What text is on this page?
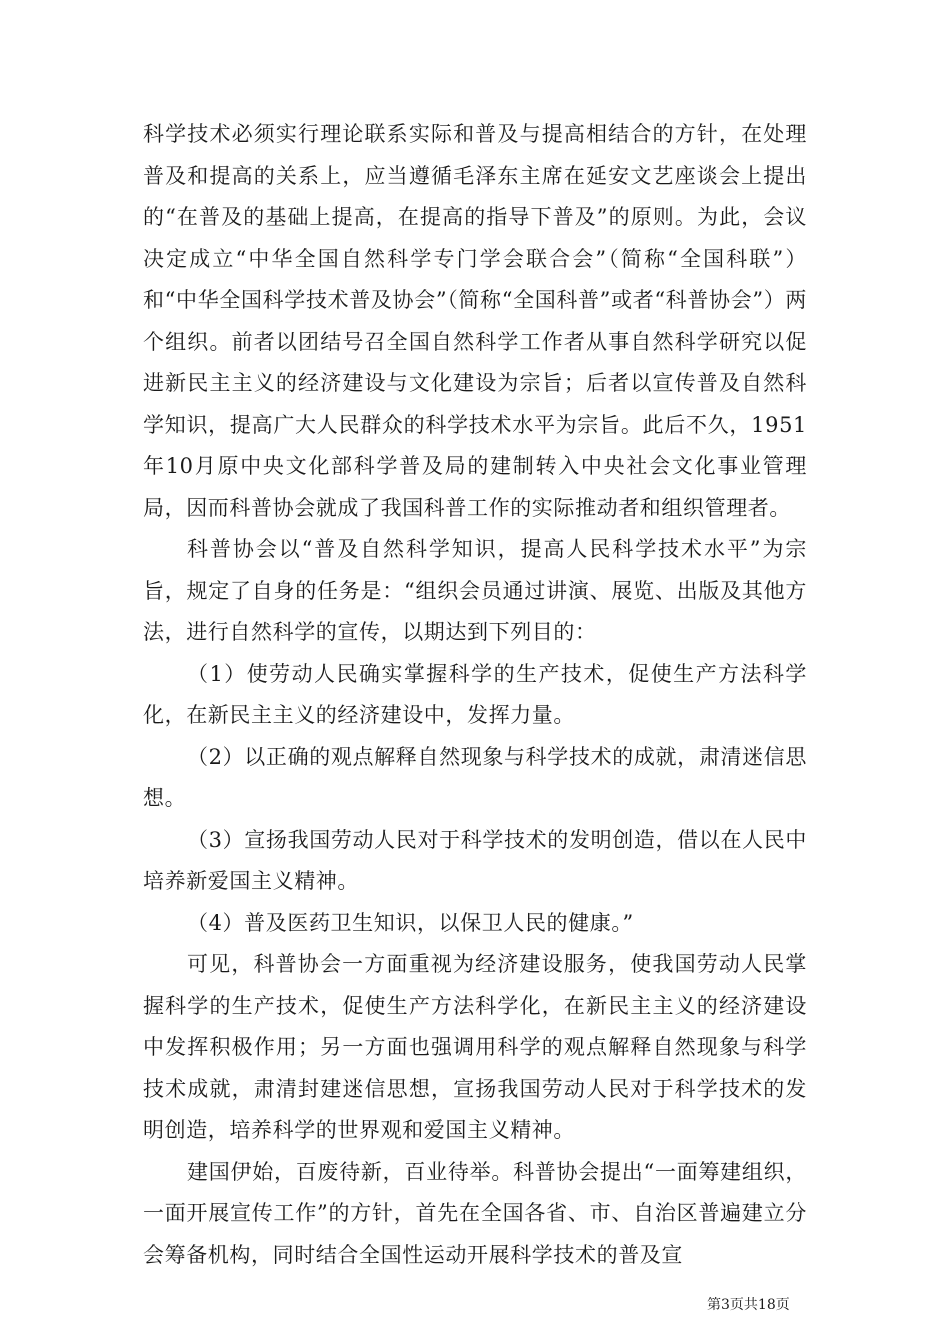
科学技术必须实行理论联系实际和普及与提高相结合的方针，在处理普及和提高的关系上，应当遵循毛泽东主席在延安文艺座谈会上提出的“在普及的基础上提高，在提高的指导下普及”的原则。为此，会议决定成立“中华全国自然科学专门学会联合会”（简称“全国科联”）和“中华全国科学技术普及协会”（简称“全国科普”或者“科普协会”）两个组织。前者以团结号召全国自然科学工作者从事自然科学研究以促进新民主主义的经济建设与文化建设为宗旨；后者以宣传普及自然科学知识，提高广大人民群众的科学技术水平为宗旨。此后不久，1951年10月原中央文化部科学普及局的建制转入中央社会文化事业管理局，因而科普协会就成了我国科普工作的实际推动者和组织管理者。

科普协会以“普及自然科学知识，提高人民科学技术水平”为宗旨，规定了自身的任务是：“组织会员通过讲演、展览、出版及其他方法，进行自然科学的宣传，以期达到下列目的：

（1）使劳动人民确实掌握科学的生产技术，促使生产方法科学化，在新民主主义的经济建设中，发挥力量。

（2）以正确的观点解释自然现象与科学技术的成就，肃清迷信思想。

（3）宣扬我国劳动人民对于科学技术的发明创造，借以在人民中培养新爱国主义精神。

（4）普及医药卫生知识，以保卫人民的健康。”

可见，科普协会一方面重视为经济建设服务，使我国劳动人民掌握科学的生产技术，促使生产方法科学化，在新民主主义的经济建设中发挥积极作用；另一方面也强调用科学的观点解释自然现象与科学技术成就，肃清封建迷信思想，宣扬我国劳动人民对于科学技术的发明创造，培养科学的世界观和爱国主义精神。

建国伊始，百废待新，百业待举。科普协会提出“一面筹建组织，一面开展宣传工作”的方针，首先在全国各省、市、自治区普遍建立分会筹备机构，同时结合全国性运动开展科学技术的普及宣

第3页共18页
